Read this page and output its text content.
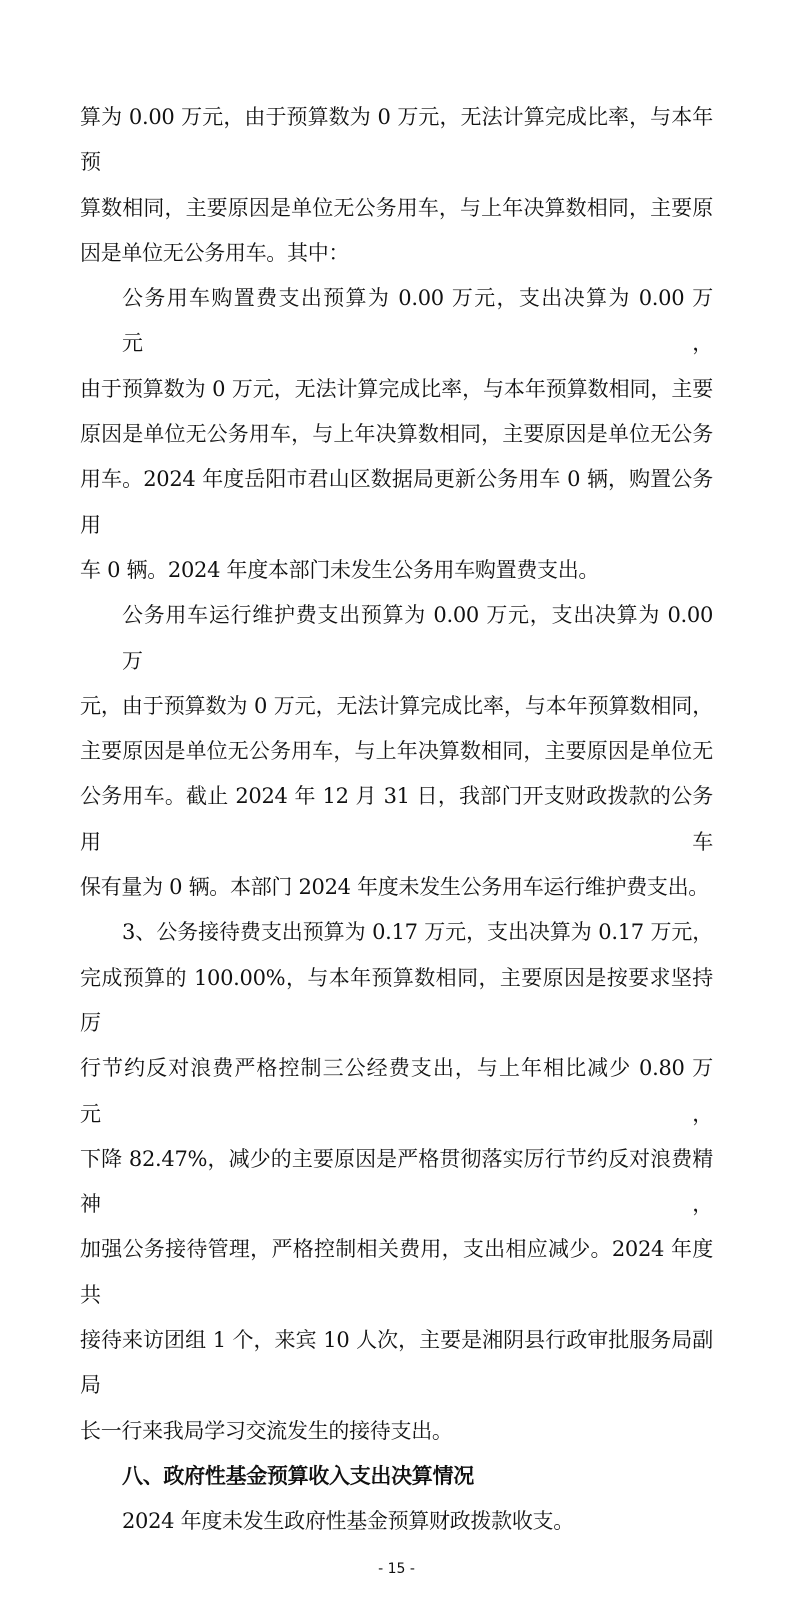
算为 0.00 万元，由于预算数为 0 万元，无法计算完成比率，与本年预
算数相同，主要原因是单位无公务用车，与上年决算数相同，主要原
因是单位无公务用车。其中：
公务用车购置费支出预算为 0.00 万元，支出决算为 0.00 万元，
由于预算数为 0 万元，无法计算完成比率，与本年预算数相同，主要
原因是单位无公务用车，与上年决算数相同，主要原因是单位无公务
用车。2024 年度岳阳市君山区数据局更新公务用车 0 辆，购置公务用
车 0 辆。2024 年度本部门未发生公务用车购置费支出。
公务用车运行维护费支出预算为 0.00 万元，支出决算为 0.00 万
元，由于预算数为 0 万元，无法计算完成比率，与本年预算数相同，
主要原因是单位无公务用车，与上年决算数相同，主要原因是单位无
公务用车。截止 2024 年 12 月 31 日，我部门开支财政拨款的公务用车
保有量为 0 辆。本部门 2024 年度未发生公务用车运行维护费支出。
3、公务接待费支出预算为 0.17 万元，支出决算为 0.17 万元，
完成预算的 100.00%，与本年预算数相同，主要原因是按要求坚持厉
行节约反对浪费严格控制三公经费支出，与上年相比减少 0.80 万元，
下降 82.47%，减少的主要原因是严格贯彻落实厉行节约反对浪费精神，
加强公务接待管理，严格控制相关费用，支出相应减少。2024 年度共
接待来访团组 1 个，来宾 10 人次，主要是湘阴县行政审批服务局副局
长一行来我局学习交流发生的接待支出。
八、政府性基金预算收入支出决算情况
2024 年度未发生政府性基金预算财政拨款收支。
- 15 -
